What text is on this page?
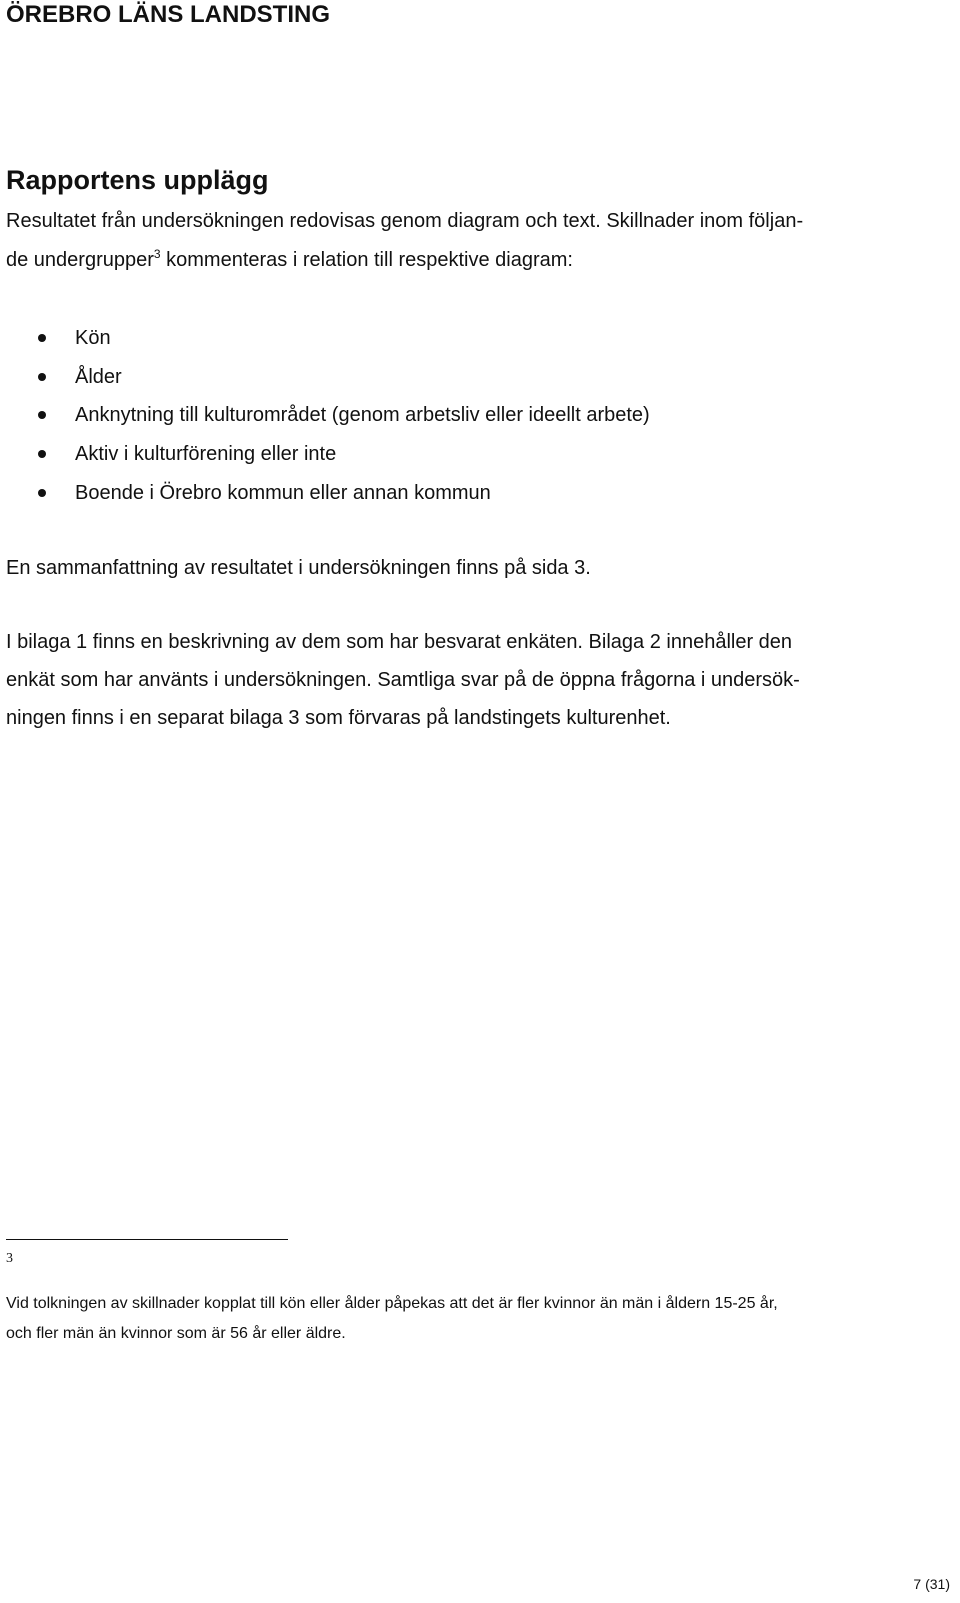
ÖREBRO LÄNS LANDSTING
Rapportens upplägg
Resultatet från undersökningen redovisas genom diagram och text. Skillnader inom följan-
de undergrupper$^3$ kommenteras i relation till respektive diagram:
Kön
Ålder
Anknytning till kulturområdet (genom arbetsliv eller ideellt arbete)
Aktiv i kulturförening eller inte
Boende i Örebro kommun eller annan kommun
En sammanfattning av resultatet i undersökningen finns på sida 3.
I bilaga 1 finns en beskrivning av dem som har besvarat enkäten. Bilaga 2 innehåller den
enkät som har använts i undersökningen. Samtliga svar på de öppna frågorna i undersök-
ningen finns i en separat bilaga 3 som förvaras på landstingets kulturenhet.
3
Vid tolkningen av skillnader kopplat till kön eller ålder påpekas att det är fler kvinnor än män i åldern 15-25 år,
och fler män än kvinnor som är 56 år eller äldre.
7 (31)
